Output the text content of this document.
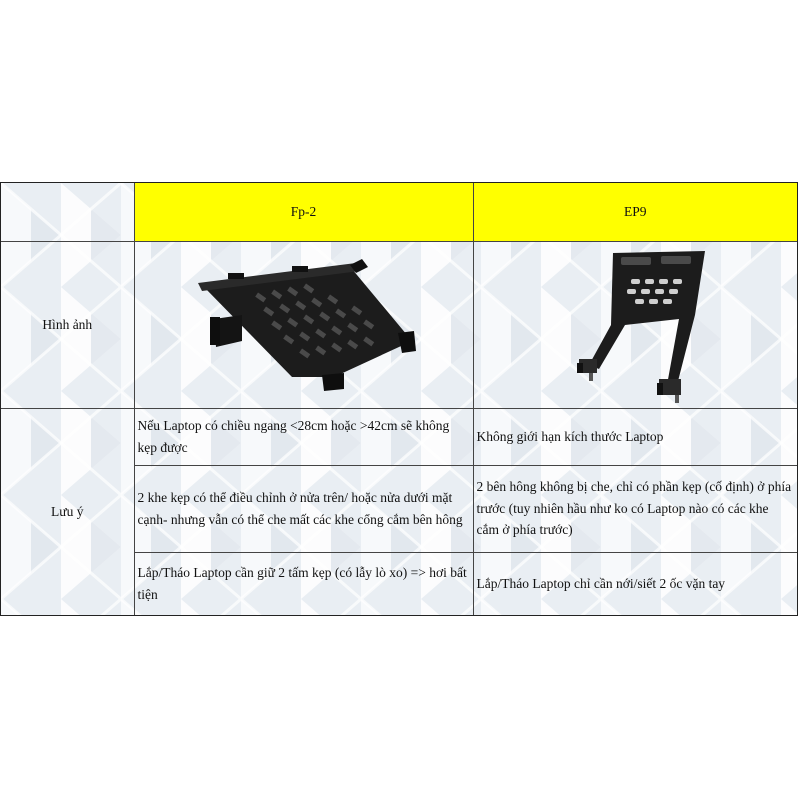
	Fp-2	EP9
Hình ảnh	

Lưu ý	Nếu Laptop có chiều ngang <28cm hoặc >42cm sẽ không kẹp được	Không giới hạn kích thước Laptop
	2 khe kẹp có thể điều chỉnh ở nửa trên/ hoặc nửa dưới mặt cạnh- nhưng vẫn có thể che mất các khe cổng cắm bên hông	2 bên hông không bị che, chỉ có phần kẹp (cố định) ở phía trước (tuy nhiên hầu như ko có Laptop nào có các khe cắm ở phía trước)
	Lắp/Tháo Laptop cần giữ 2 tấm kẹp (có lẫy lò xo) => hơi bất tiện	Lắp/Tháo Laptop chỉ cần nới/siết 2 ốc vặn tay
